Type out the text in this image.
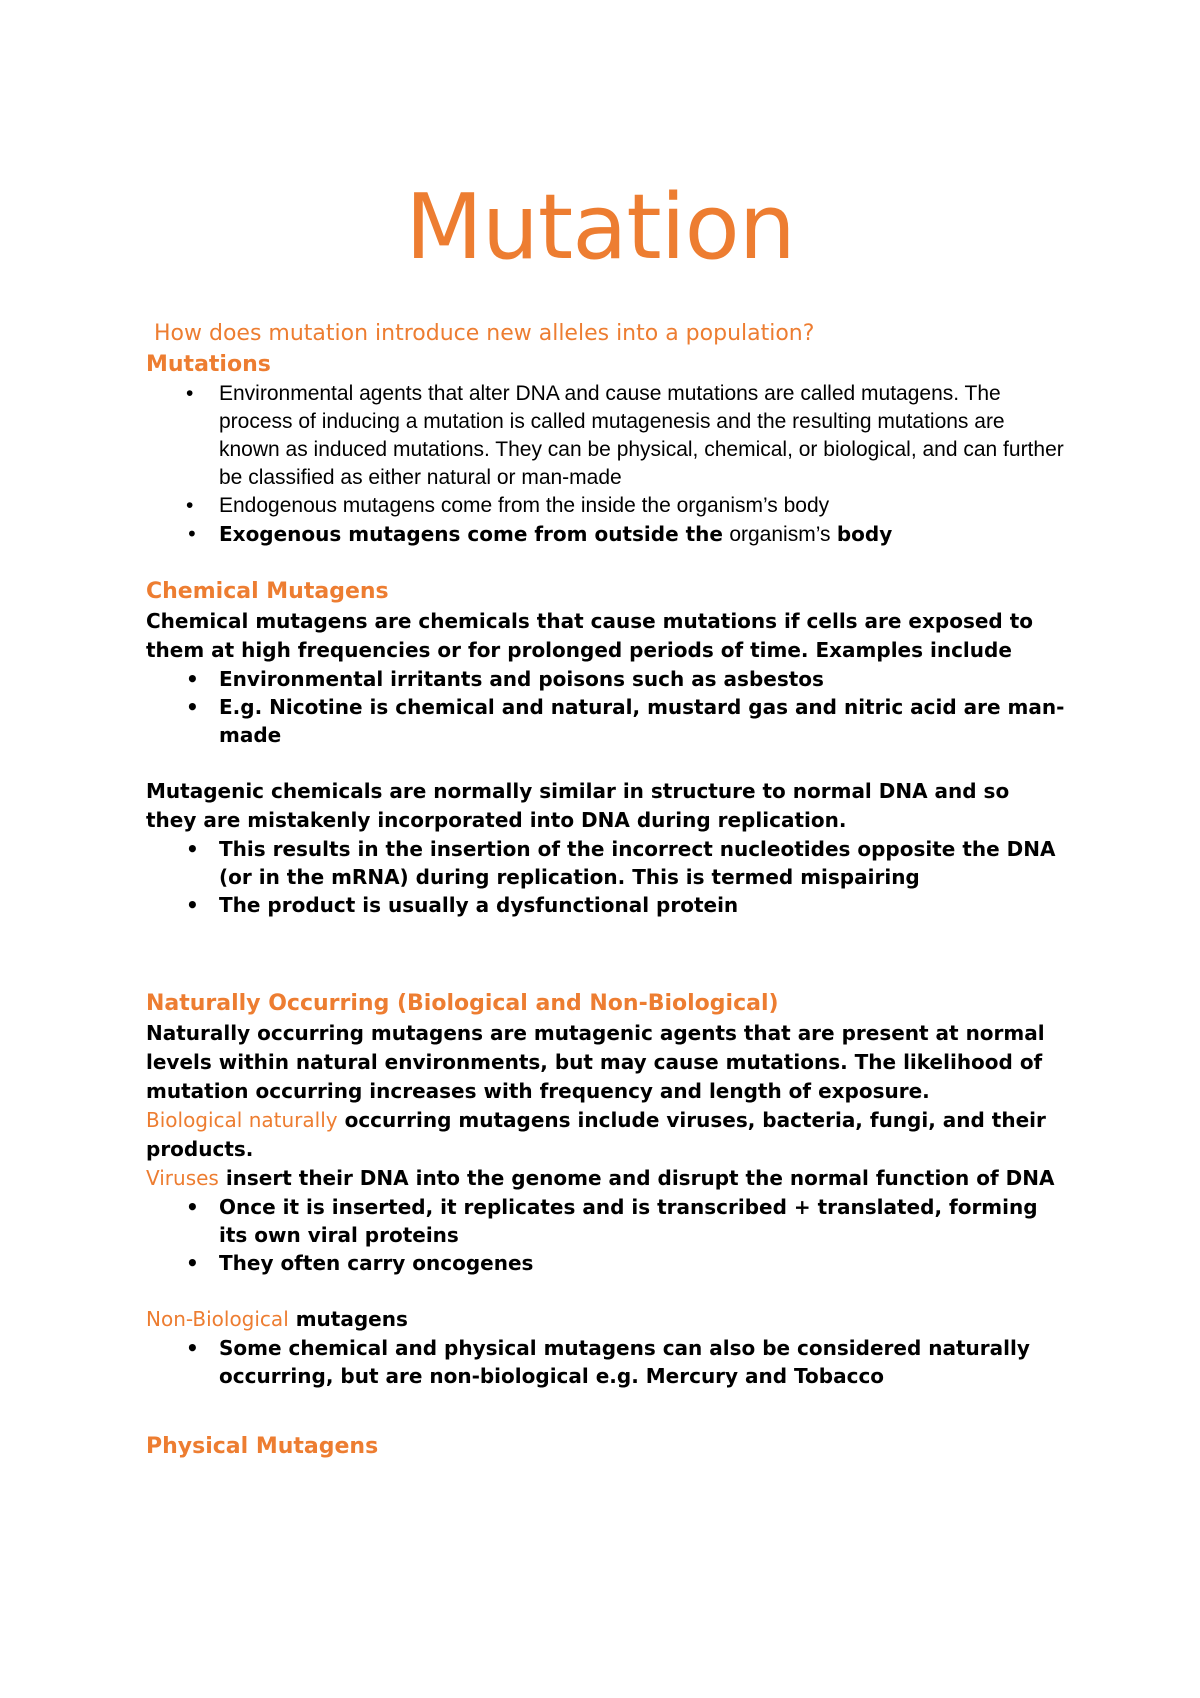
Mutation

How does mutation introduce new alleles into a population?

Mutations

• Environmental agents that alter DNA and cause mutations are called mutagens. The process of inducing a mutation is called mutagenesis and the resulting mutations are known as induced mutations. They can be physical, chemical, or biological, and can further be classified as either natural or man-made
• Endogenous mutagens come from the inside the organism’s body
• Exogenous mutagens come from outside the organism’s body

Chemical Mutagens

Chemical mutagens are chemicals that cause mutations if cells are exposed to them at high frequencies or for prolonged periods of time. Examples include

• Environmental irritants and poisons such as asbestos
• E.g. Nicotine is chemical and natural, mustard gas and nitric acid are man-made

Mutagenic chemicals are normally similar in structure to normal DNA and so they are mistakenly incorporated into DNA during replication.

• This results in the insertion of the incorrect nucleotides opposite the DNA (or in the mRNA) during replication. This is termed mispairing
• The product is usually a dysfunctional protein

Naturally Occurring (Biological and Non-Biological)

Naturally occurring mutagens are mutagenic agents that are present at normal levels within natural environments, but may cause mutations. The likelihood of mutation occurring increases with frequency and length of exposure.

Biological naturally occurring mutagens include viruses, bacteria, fungi, and their products.

Viruses insert their DNA into the genome and disrupt the normal function of DNA

• Once it is inserted, it replicates and is transcribed + translated, forming its own viral proteins
• They often carry oncogenes

Non-Biological mutagens

• Some chemical and physical mutagens can also be considered naturally occurring, but are non-biological e.g. Mercury and Tobacco

Physical Mutagens
